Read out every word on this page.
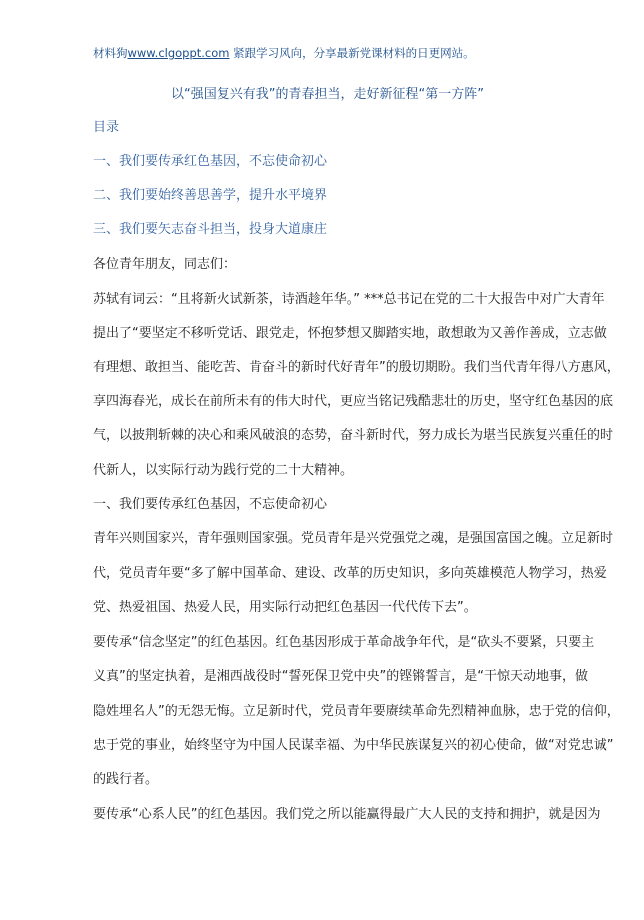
材料狗www.clgoppt.com 紧跟学习风向，分享最新党课材料的日更网站。
以“强国复兴有我”的青春担当，走好新征程“第一方阵”
目录
一、我们要传承红色基因，不忘使命初心
二、我们要始终善思善学，提升水平境界
三、我们要矢志奋斗担当，投身大道康庄
各位青年朋友，同志们：
苏轼有词云：“且将新火试新茶，诗酒趁年华。” ***总书记在党的二十大报告中对广大青年
提出了“要坚定不移听党话、跟党走，怀抱梦想又脚踏实地，敢想敢为又善作善成，立志做
有理想、敢担当、能吃苦、肯奋斗的新时代好青年”的殷切期盼。我们当代青年得八方惠风，
享四海春光，成长在前所未有的伟大时代，更应当铭记残酷悲壮的历史，坚守红色基因的底
气，以披荆斩棘的决心和乘风破浪的态势，奋斗新时代，努力成长为堪当民族复兴重任的时
代新人，以实际行动为践行党的二十大精神。
一、我们要传承红色基因，不忘使命初心
青年兴则国家兴，青年强则国家强。党员青年是兴党强党之魂，是强国富国之魄。立足新时
代，党员青年要“多了解中国革命、建设、改革的历史知识，多向英雄模范人物学习，热爱
党、热爱祖国、热爱人民，用实际行动把红色基因一代代传下去”。
要传承“信念坚定”的红色基因。红色基因形成于革命战争年代，是“砍头不要紧，只要主
义真”的坚定执着，是湘西战役时“誓死保卫党中央”的铿锵誓言，是“干惊天动地事，做
隐姓埋名人”的无怨无悔。立足新时代，党员青年要赓续革命先烈精神血脉，忠于党的信仰，
忠于党的事业，始终坚守为中国人民谋幸福、为中华民族谋复兴的初心使命，做“对党忠诚”
的践行者。
要传承“心系人民”的红色基因。我们党之所以能赢得最广大人民的支持和拥护，就是因为
